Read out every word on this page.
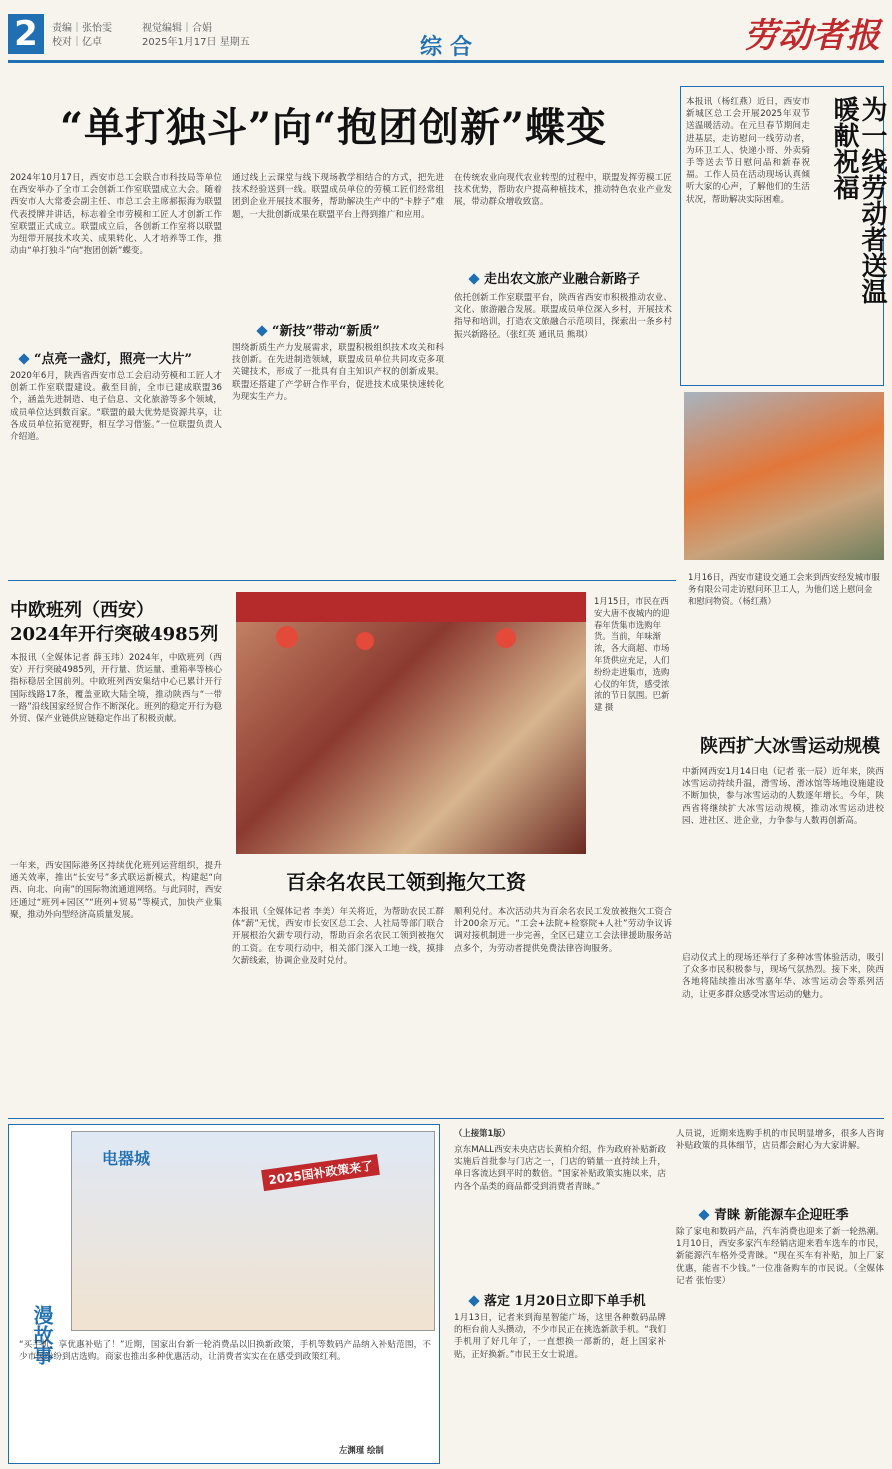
2	责编｜张怡雯
校对｜亿卓
视觉编辑｜合娟
2025年1月17日 星期五	综合	劳动者报
“单打独斗”向“抱团创新”蝶变
2024年10月17日，西安市总工会联合市科技局等单位在西安举办了全市工会创新工作室联盟成立大会。随着西安市人大常委会副主任、市总工会主席郝振海为联盟代表授牌并讲话，标志着全市劳模和工匠人才创新工作室联盟正式成立。联盟成立后，各创新工作室将以联盟为纽带开展技术攻关、成果转化、人才培养等工作，推动由“单打独斗”向“抱团创新”蝶变。
“点亮一盏灯，照亮一大片”
2020年6月，陕西省西安市总工会启动劳模和工匠人才创新工作室联盟建设。截至目前，全市已建成联盟36个，涵盖先进制造、电子信息、文化旅游等多个领域，成员单位达到数百家。“联盟的最大优势是资源共享，让各成员单位拓宽视野，相互学习借鉴。”一位联盟负责人介绍道。
通过线上云课堂与线下现场教学相结合的方式，把先进技术经验送到一线。联盟成员单位的劳模工匠们经常组团到企业开展技术服务，帮助解决生产中的“卡脖子”难题，一大批创新成果在联盟平台上得到推广和应用。
“新技”带动“新质”
围绕新质生产力发展需求，联盟积极组织技术攻关和科技创新。在先进制造领域，联盟成员单位共同攻克多项关键技术，形成了一批具有自主知识产权的创新成果。联盟还搭建了产学研合作平台，促进技术成果快速转化为现实生产力。
在传统农业向现代农业转型的过程中，联盟发挥劳模工匠技术优势，帮助农户提高种植技术，推动特色农业产业发展，带动群众增收致富。
走出农文旅产业融合新路子
依托创新工作室联盟平台，陕西省西安市积极推动农业、文化、旅游融合发展。联盟成员单位深入乡村，开展技术指导和培训，打造农文旅融合示范项目，探索出一条乡村振兴新路径。（张红英 通讯员 熊琪）
为一线劳动者送温暖献祝福
本报讯（杨红燕）近日，西安市新城区总工会开展2025年双节送温暖活动。在元旦春节期间走进基层，走访慰问一线劳动者，为环卫工人、快递小哥、外卖骑手等送去节日慰问品和新春祝福。工作人员在活动现场认真倾听大家的心声，了解他们的生活状况，帮助解决实际困难。
1月16日，西安市建设交通工会来到西安经发城市服务有限公司走访慰问环卫工人，为他们送上慰问金和慰问物资。（杨红燕）
中欧班列（西安）
2024年开行突破4985列
本报讯（全媒体记者 薛玉玮）2024年，中欧班列（西安）开行突破4985列，开行量、货运量、重箱率等核心指标稳居全国前列。中欧班列西安集结中心已累计开行国际线路17条，覆盖亚欧大陆全境，推动陕西与“一带一路”沿线国家经贸合作不断深化。班列的稳定开行为稳外贸、保产业链供应链稳定作出了积极贡献。
一年来，西安国际港务区持续优化班列运营组织，提升通关效率，推出“长安号”多式联运新模式，构建起“向西、向北、向南”的国际物流通道网络。与此同时，西安还通过“班列+园区”“班列+贸易”等模式，加快产业集聚，推动外向型经济高质量发展。
1月15日，市民在西安大唐不夜城内的迎春年货集市选购年货。当前，年味渐浓，各大商超、市场年货供应充足，人们纷纷走进集市，选购心仪的年货，感受浓浓的节日氛围。巴新建 摄
百余名农民工领到拖欠工资
本报讯（全媒体记者 李美）年关将近，为帮助农民工群体“薪”无忧，西安市长安区总工会、人社局等部门联合开展根治欠薪专项行动，帮助百余名农民工领到被拖欠的工资。在专项行动中，相关部门深入工地一线，摸排欠薪线索，协调企业及时兑付。
顺利兑付。本次活动共为百余名农民工发放被拖欠工资合计200余万元。“工会+法院+检察院+人社”劳动争议诉调对接机制进一步完善，全区已建立工会法律援助服务站点多个，为劳动者提供免费法律咨询服务。
陕西扩大冰雪运动规模
中新网西安1月14日电（记者 张一辰）近年来，陕西冰雪运动持续升温，滑雪场、滑冰馆等场地设施建设不断加快，参与冰雪运动的人数逐年增长。今年，陕西省将继续扩大冰雪运动规模，推动冰雪运动进校园、进社区、进企业，力争参与人数再创新高。
启动仪式上的现场还举行了多种冰雪体验活动，吸引了众多市民积极参与，现场气氛热烈。接下来，陕西各地将陆续推出冰雪嘉年华、冰雪运动会等系列活动，让更多群众感受冰雪运动的魅力。
电器城
2025国补政策来了
漫故事
“买手机，享优惠补贴了！”近期，国家出台新一轮消费品以旧换新政策，手机等数码产品纳入补贴范围，不少市民纷纷到店选购。商家也推出多种优惠活动，让消费者实实在在感受到政策红利。
左渊瑾 绘制
（上接第1版）
京东MALL西安未央店店长黄柏介绍，作为政府补贴新政实施后首批参与门店之一，门店的销量一直持续上升，单日客流达到平时的数倍。“国家补贴政策实施以来，店内各个品类的商品都受到消费者青睐。”
落定 1月20日立即下单手机
1月13日，记者来到海星智能广场，这里各种数码品牌的柜台前人头攒动，不少市民正在挑选新款手机。“我们手机用了好几年了，一直想换一部新的，赶上国家补贴，正好换新。”市民王女士说道。
人员说，近期来选购手机的市民明显增多，很多人咨询补贴政策的具体细节，店员都会耐心为大家讲解。
青睐 新能源车企迎旺季
除了家电和数码产品，汽车消费也迎来了新一轮热潮。1月10日，西安多家汽车经销店迎来看车选车的市民，新能源汽车格外受青睐。“现在买车有补贴，加上厂家优惠，能省不少钱。”一位准备购车的市民说。（全媒体记者 张怡雯）
